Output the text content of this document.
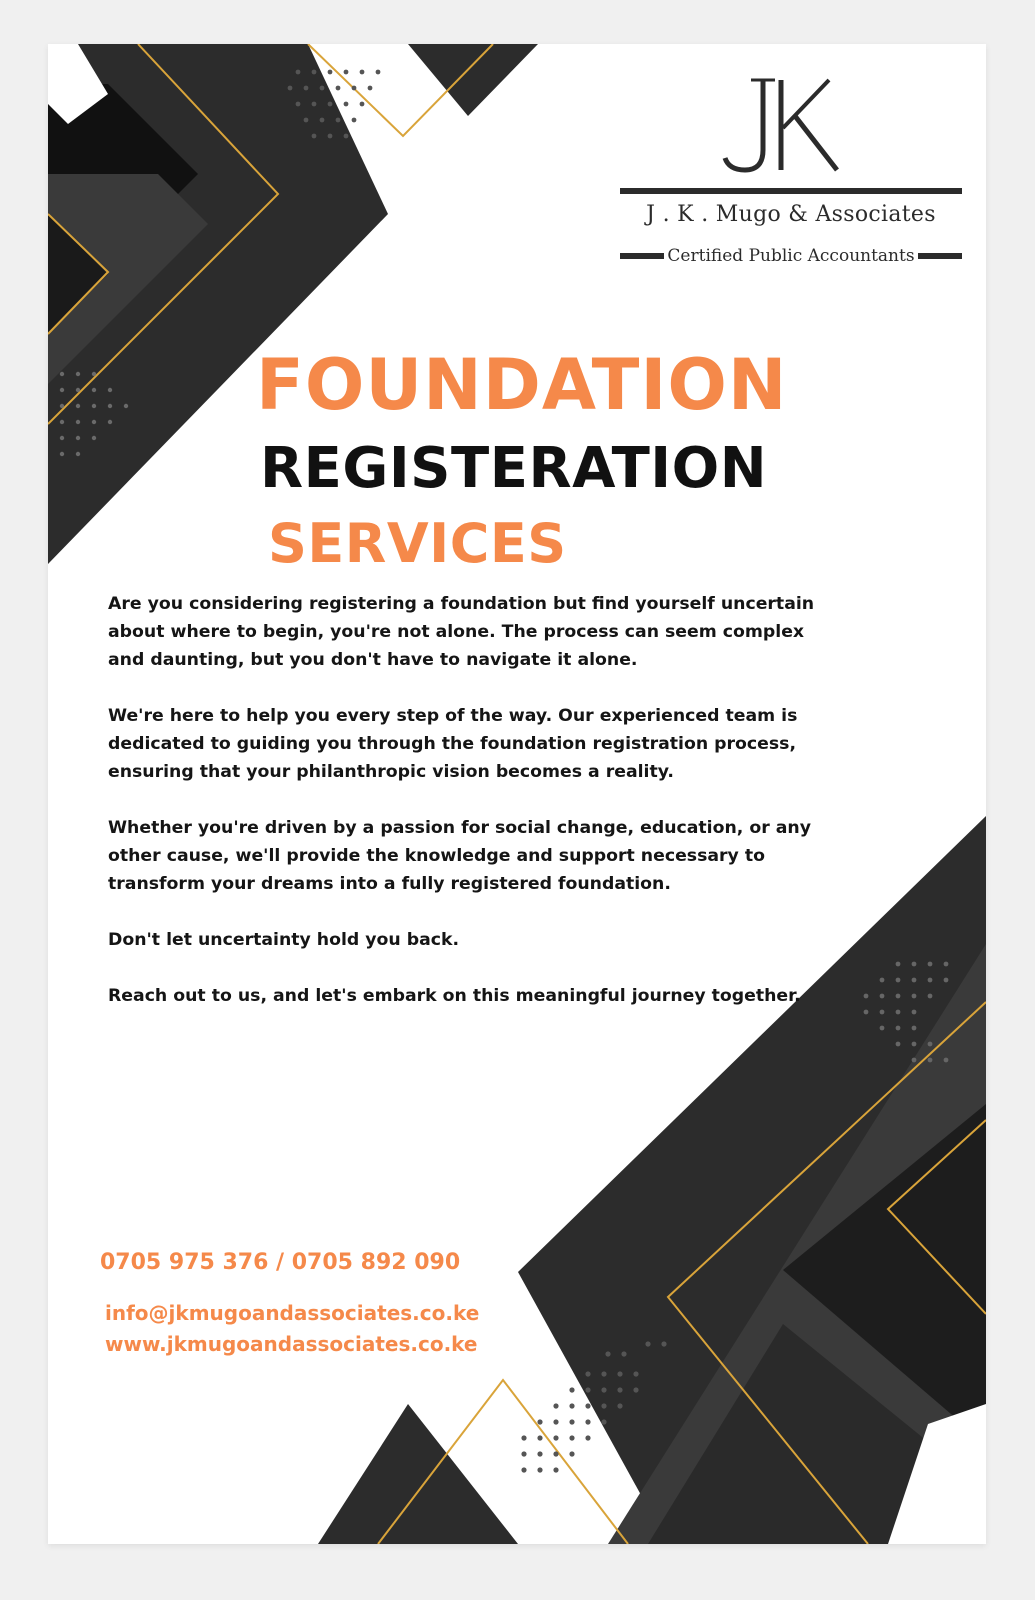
J . K . Mugo & Associates
Certified Public Accountants
FOUNDATION
REGISTERATION
SERVICES

Are you considering registering a foundation but find yourself uncertain about where to begin, you're not alone. The process can seem complex and daunting, but you don't have to navigate it alone.

We're here to help you every step of the way. Our experienced team is dedicated to guiding you through the foundation registration process, ensuring that your philanthropic vision becomes a reality.

Whether you're driven by a passion for social change, education, or any other cause, we'll provide the knowledge and support necessary to transform your dreams into a fully registered foundation.

Don't let uncertainty hold you back.

Reach out to us, and let's embark on this meaningful journey together.

0705 975 376 / 0705 892 090
info@jkmugoandassociates.co.ke
www.jkmugoandassociates.co.ke
